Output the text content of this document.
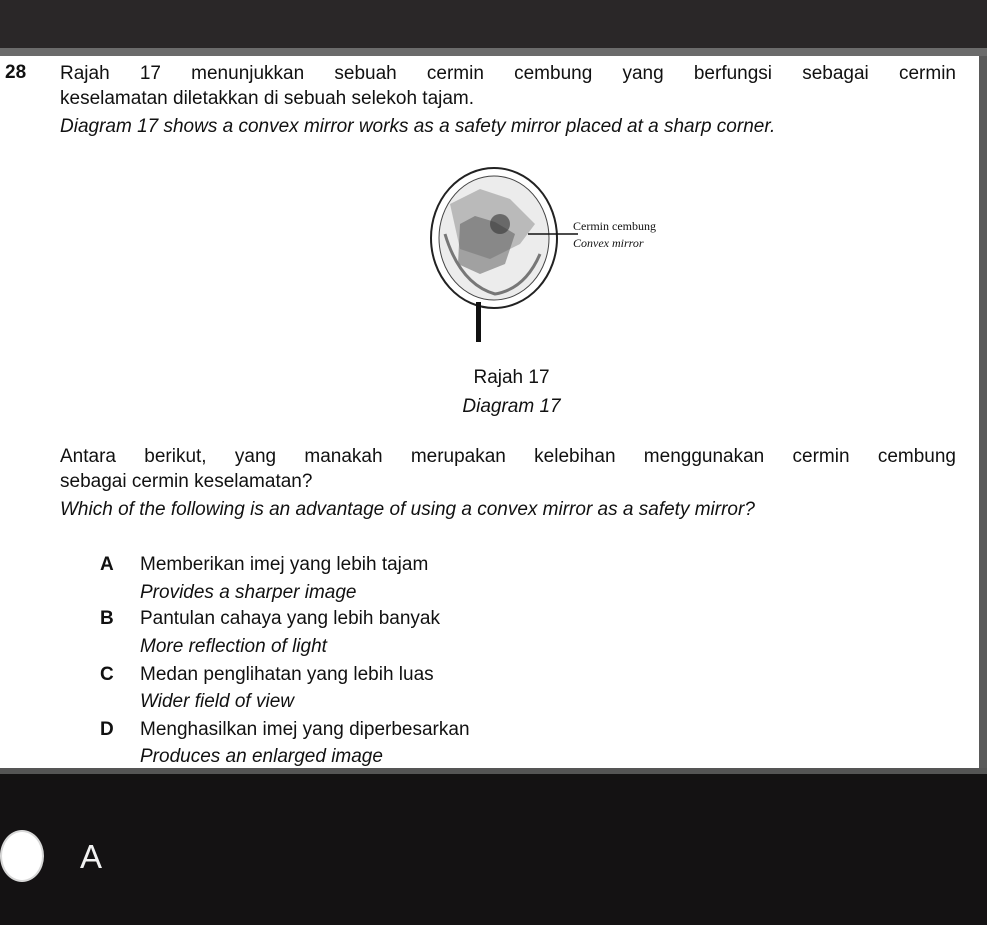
28 Rajah 17 menunjukkan sebuah cermin cembung yang berfungsi sebagai cermin
keselamatan diletakkan di sebuah selekoh tajam.
Diagram 17 shows a convex mirror works as a safety mirror placed at a sharp corner.
Cermin cembung
Convex mirror
Rajah 17
Diagram 17
Antara berikut, yang manakah merupakan kelebihan menggunakan cermin cembung
sebagai cermin keselamatan?
Which of the following is an advantage of using a convex mirror as a safety mirror?
A Memberikan imej yang lebih tajam
Provides a sharper image
B Pantulan cahaya yang lebih banyak
More reflection of light
C Medan penglihatan yang lebih luas
Wider field of view
D Menghasilkan imej yang diperbesarkan
Produces an enlarged image
A
